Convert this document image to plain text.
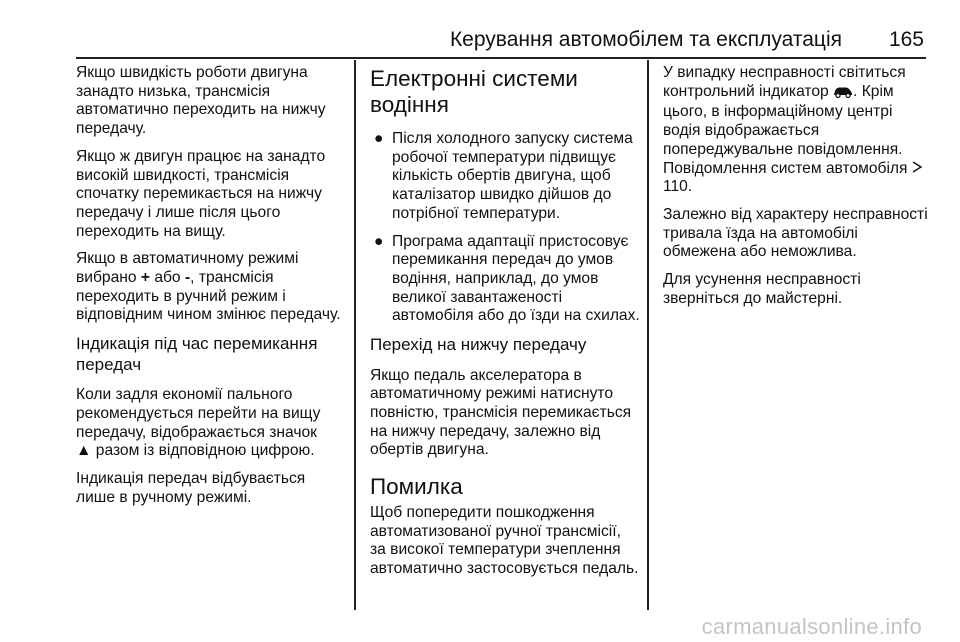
Керування автомобілем та експлуатація 165

Якщо швидкість роботи двигуна занадто низька, трансмісія автоматично переходить на нижчу передачу.

Якщо ж двигун працює на занадто високій швидкості, трансмісія спочатку перемикається на нижчу передачу і лише після цього переходить на вищу.

Якщо в автоматичному режимі вибрано + або -, трансмісія переходить в ручний режим і відповідним чином змінює передачу.

Індикація під час перемикання передач

Коли задля економії пального рекомендується перейти на вищу передачу, відображається значок
▲ разом із відповідною цифрою.

Індикація передач відбувається лише в ручному режимі.

Електронні системи водіння
● Після холодного запуску система робочої температури підвищує кількість обертів двигуна, щоб каталізатор швидко дійшов до потрібної температури.
● Програма адаптації пристосовує перемикання передач до умов водіння, наприклад, до умов великої завантаженості автомобіля або до їзди на схилах.
Перехід на нижчу передачу

Якщо педаль акселератора в автоматичному режимі натиснуто повністю, трансмісія перемикається на нижчу передачу, залежно від обертів двигуна.

Помилка

Щоб попередити пошкодження автоматизованої ручної трансмісії, за високої температури зчеплення автоматично застосовується педаль.

У випадку несправності світиться контрольний індикатор . Крім цього, в інформаційному центрі водія відображається попереджувальне повідомлення. Повідомлення систем автомобіля  110.

Залежно від характеру несправності тривала їзда на автомобілі обмежена або неможлива.

Для усунення несправності зверніться до майстерні.

carmanualsonline.info
